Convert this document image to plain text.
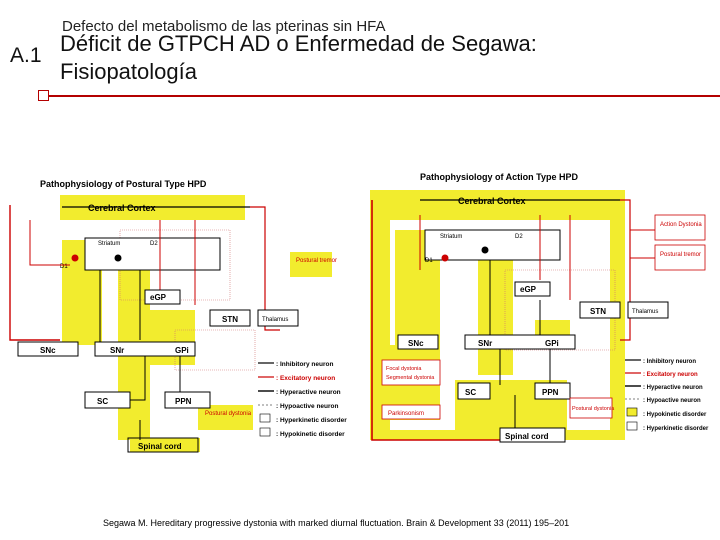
Defecto del metabolismo de las pterinas sin HFA
A.1 Déficit de GTPCH AD o Enfermedad de Segawa:
Fisiopatología
Pathophysiology of Postural Type HPD
Cerebral Cortex
Striatum	D2
D1
eGP
STN	Thalamus
SNc	SNr	GPi
SC	PPN
Spinal cord
Postural tremor
Postural dystonia
: Inhibitory neuron
: Excitatory neuron
: Hyperactive neuron
: Hypoactive neuron
: Hyperkinetic disorder
: Hypokinetic disorder
Pathophysiology of Action Type HPD
Cerebral Cortex
Striatum	D2
D1
eGP
STN	Thalamus
SNc	SNr	GPi
SC	PPN
Spinal cord
Action Dystonia
Postural tremor
Focal dystonia
Segmental dystonia
Parkinsonism
Postural dystonia
: Inhibitory neuron
: Excitatory neuron
: Hyperactive neuron
: Hypoactive neuron
: Hypokinetic disorder
: Hyperkinetic disorder
Segawa M. Hereditary progressive dystonia with marked diurnal fluctuation. Brain & Development 33 (2011) 195–201
